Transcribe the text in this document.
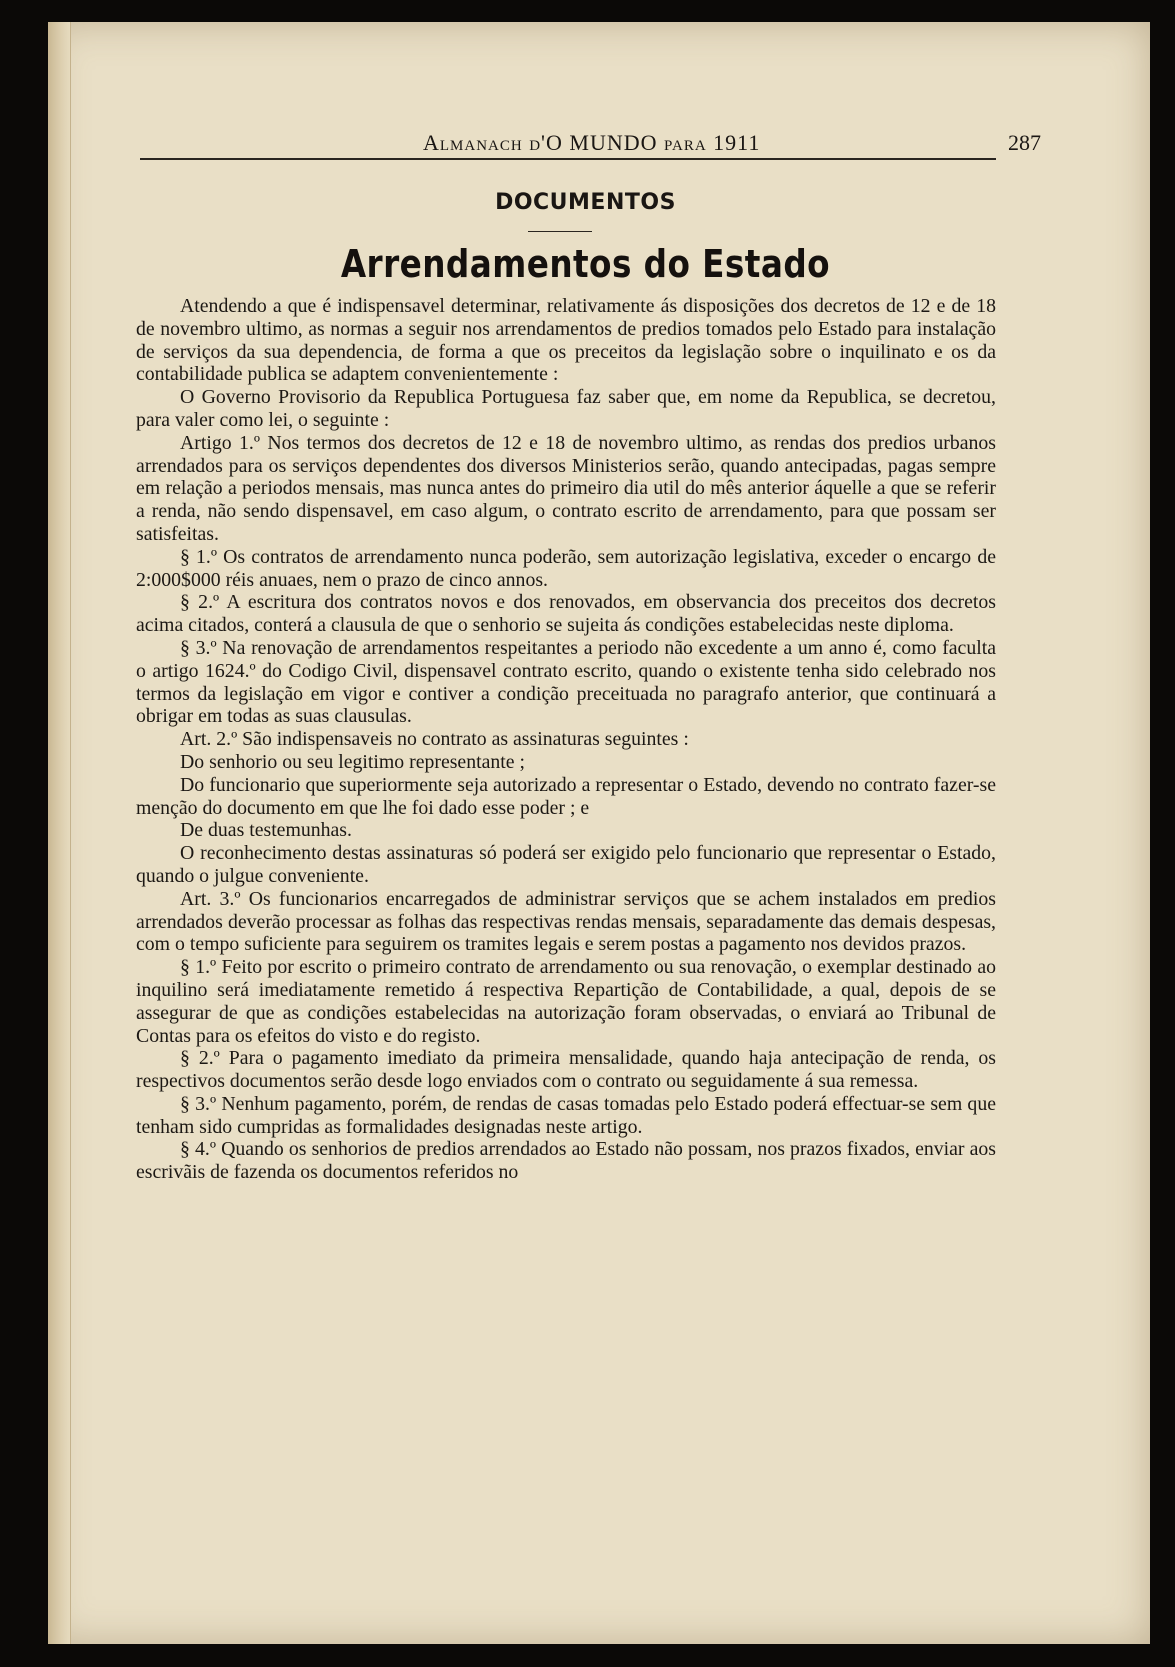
Almanach d'O MUNDO para 1911	287
DOCUMENTOS
Arrendamentos do Estado

Atendendo a que é indispensavel determinar, relativamente ás disposições dos decretos de 12 e de 18 de novembro ultimo, as normas a seguir nos arrendamentos de predios tomados pelo Estado para instalação de serviços da sua dependencia, de forma a que os preceitos da legislação sobre o inquilinato e os da contabilidade publica se adaptem convenientemente :

O Governo Provisorio da Republica Portuguesa faz saber que, em nome da Republica, se decretou, para valer como lei, o seguinte :

Artigo 1.º Nos termos dos decretos de 12 e 18 de novembro ultimo, as rendas dos predios urbanos arrendados para os serviços dependentes dos diversos Ministerios serão, quando antecipadas, pagas sempre em relação a periodos mensais, mas nunca antes do primeiro dia util do mês anterior áquelle a que se referir a renda, não sendo dispensavel, em caso algum, o contrato escrito de arrendamento, para que possam ser satisfeitas.

§ 1.º Os contratos de arrendamento nunca poderão, sem autorização legislativa, exceder o encargo de 2:000$000 réis anuaes, nem o prazo de cinco annos.

§ 2.º A escritura dos contratos novos e dos renovados, em observancia dos preceitos dos decretos acima citados, conterá a clausula de que o senhorio se sujeita ás condições estabelecidas neste diploma.

§ 3.º Na renovação de arrendamentos respeitantes a periodo não excedente a um anno é, como faculta o artigo 1624.º do Codigo Civil, dispensavel contrato escrito, quando o existente tenha sido celebrado nos termos da legislação em vigor e contiver a condição preceituada no paragrafo anterior, que continuará a obrigar em todas as suas clausulas.

Art. 2.º São indispensaveis no contrato as assinaturas seguintes :

Do senhorio ou seu legitimo representante ;

Do funcionario que superiormente seja autorizado a representar o Estado, devendo no contrato fazer-se menção do documento em que lhe foi dado esse poder ; e

De duas testemunhas.

O reconhecimento destas assinaturas só poderá ser exigido pelo funcionario que representar o Estado, quando o julgue conveniente.

Art. 3.º Os funcionarios encarregados de administrar serviços que se achem instalados em predios arrendados deverão processar as folhas das respectivas rendas mensais, separadamente das demais despesas, com o tempo suficiente para seguirem os tramites legais e serem postas a pagamento nos devidos prazos.

§ 1.º Feito por escrito o primeiro contrato de arrendamento ou sua renovação, o exemplar destinado ao inquilino será imediatamente remetido á respectiva Repartição de Contabilidade, a qual, depois de se assegurar de que as condições estabelecidas na autorização foram observadas, o enviará ao Tribunal de Contas para os efeitos do visto e do registo.

§ 2.º Para o pagamento imediato da primeira mensalidade, quando haja antecipação de renda, os respectivos documentos serão desde logo enviados com o contrato ou seguidamente á sua remessa.

§ 3.º Nenhum pagamento, porém, de rendas de casas tomadas pelo Estado poderá effectuar-se sem que tenham sido cumpridas as formalidades designadas neste artigo.

§ 4.º Quando os senhorios de predios arrendados ao Estado não possam, nos prazos fixados, enviar aos escrivãis de fazenda os documentos referidos no
